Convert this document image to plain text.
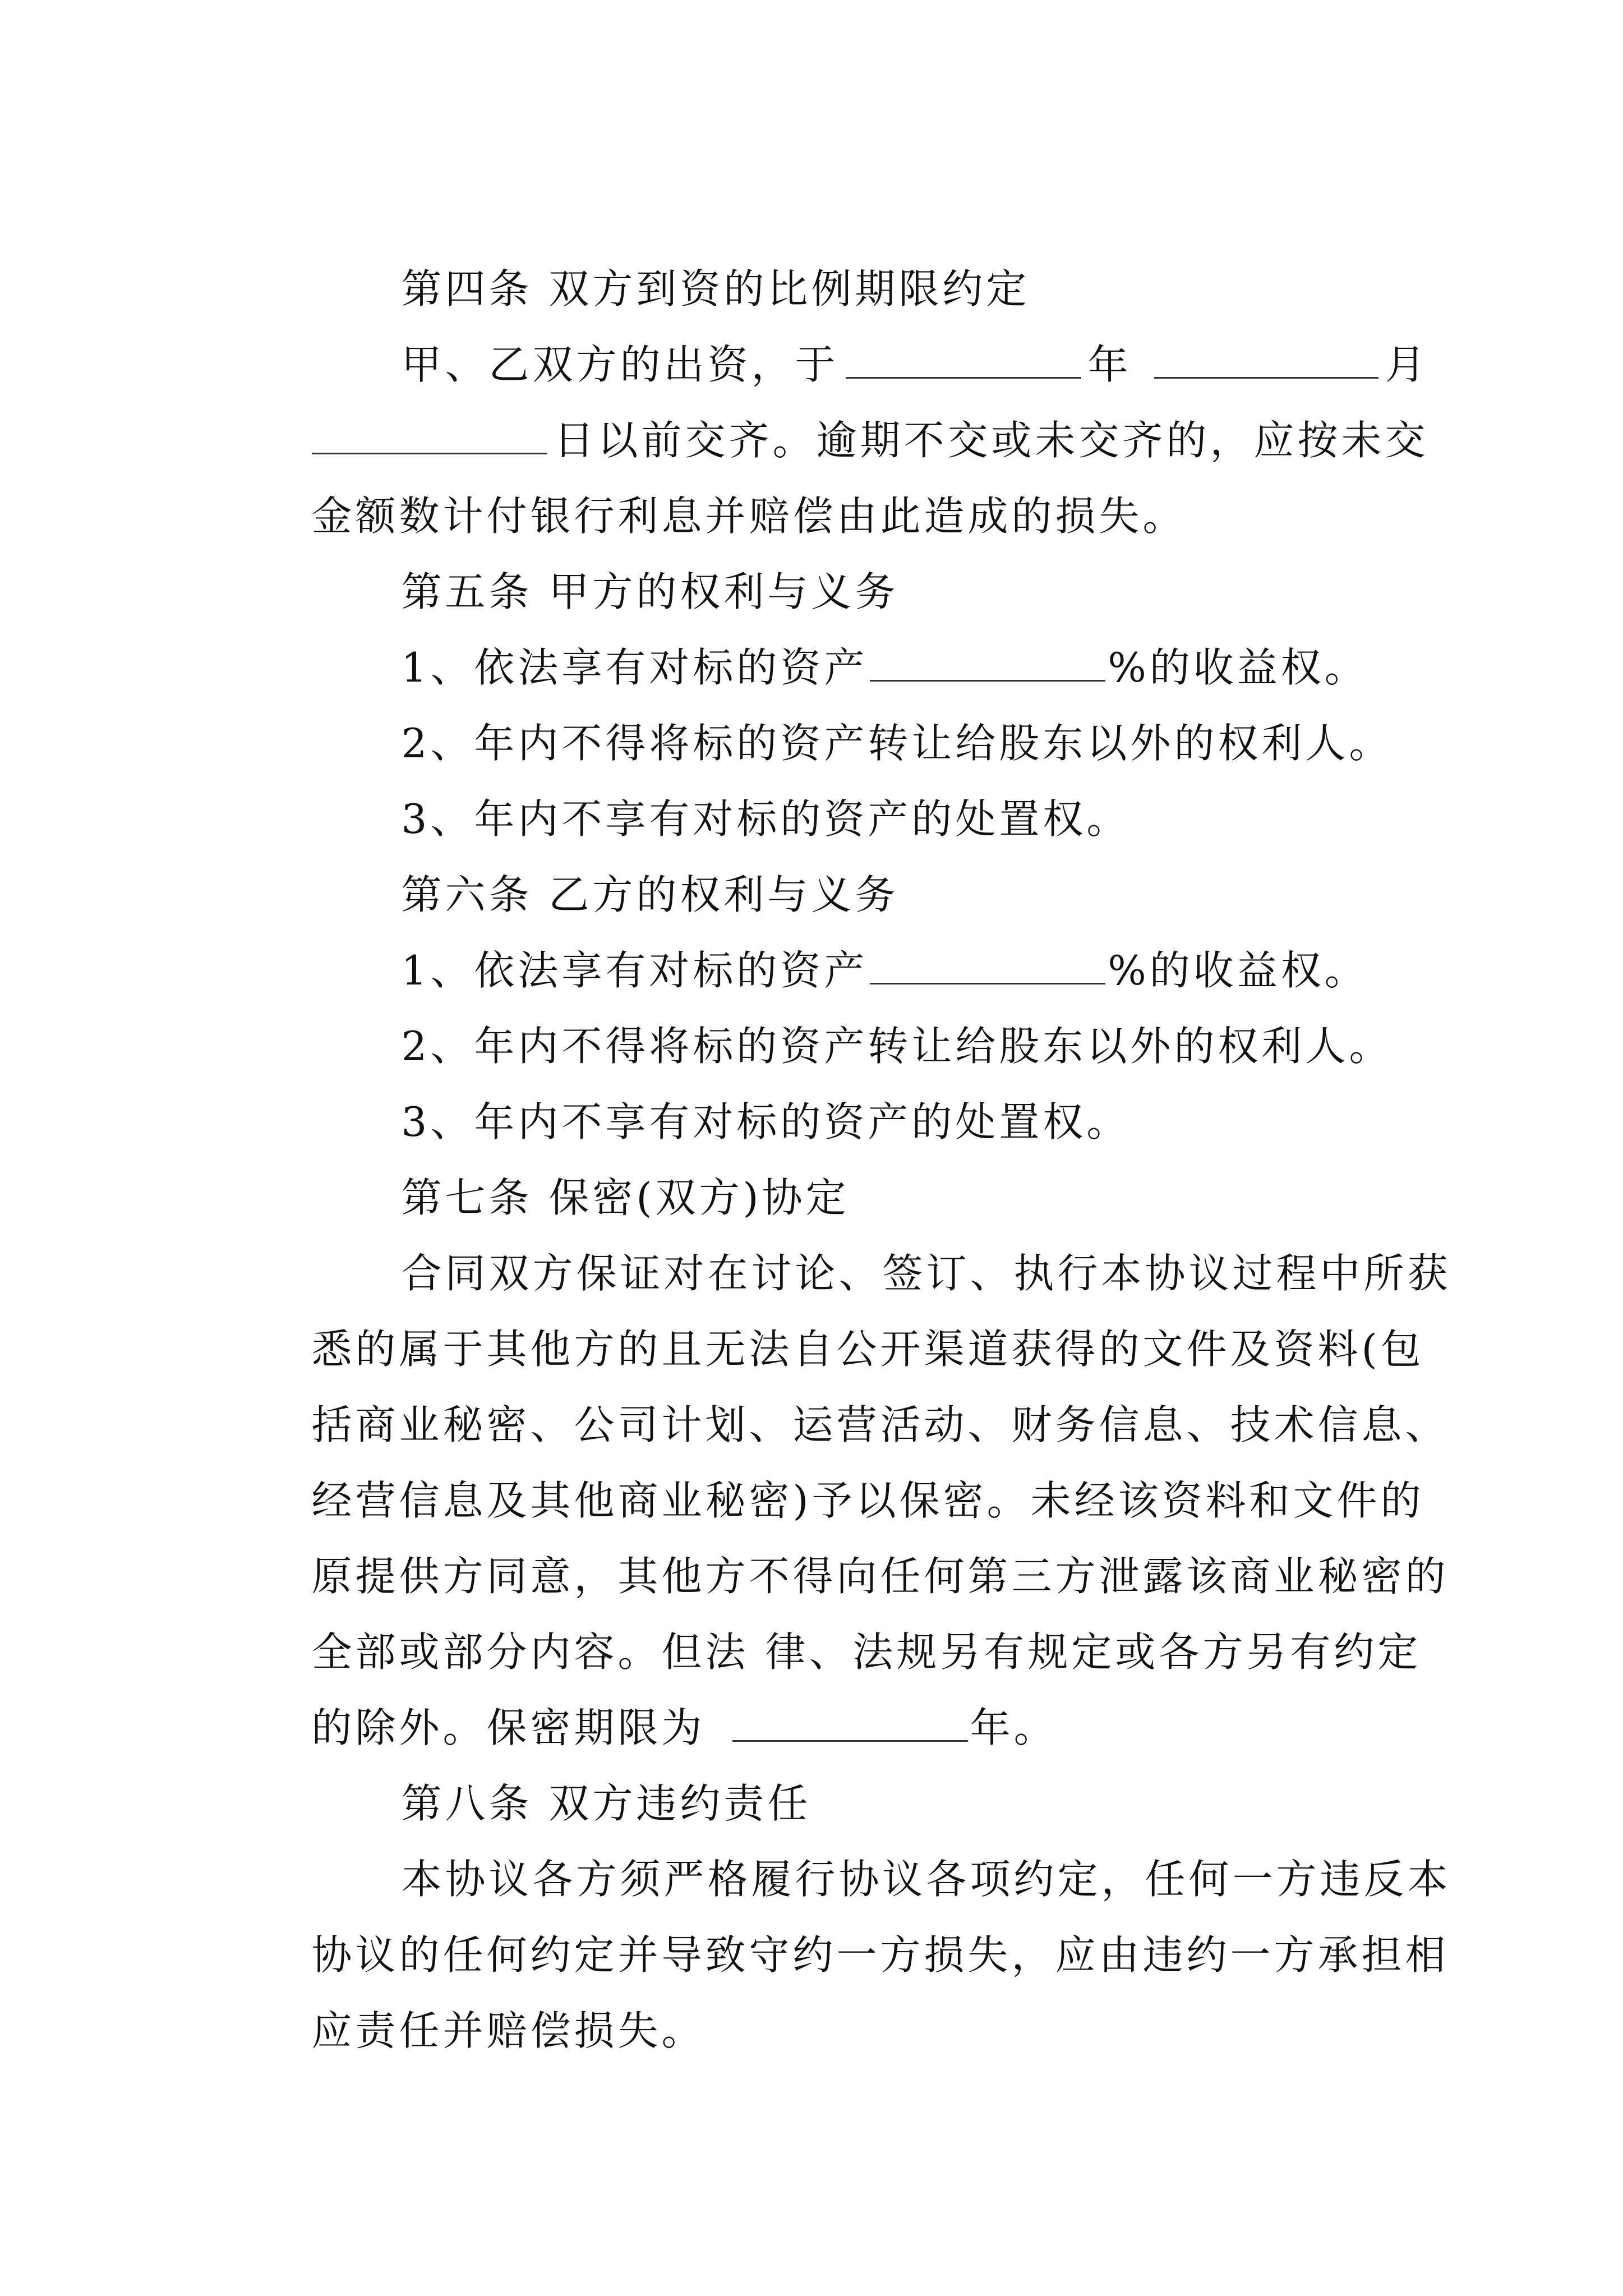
第四条 双方到资的比例期限约定

甲、乙双方的出资，于	年	月

日以前交齐。逾期不交或未交齐的，应按未交

金额数计付银行利息并赔偿由此造成的损失。

第五条 甲方的权利与义务

1、依法享有对标的资产	%的收益权。

2、年内不得将标的资产转让给股东以外的权利人。

3、年内不享有对标的资产的处置权。

第六条 乙方的权利与义务

1、依法享有对标的资产	%的收益权。

2、年内不得将标的资产转让给股东以外的权利人。

3、年内不享有对标的资产的处置权。

第七条 保密(双方)协定

合同双方保证对在讨论、签订、执行本协议过程中所获

悉的属于其他方的且无法自公开渠道获得的文件及资料(包

括商业秘密、公司计划、运营活动、财务信息、技术信息、

经营信息及其他商业秘密)予以保密。未经该资料和文件的

原提供方同意，其他方不得向任何第三方泄露该商业秘密的

全部或部分内容。但法 律、法规另有规定或各方另有约定

的除外。保密期限为	年。

第八条 双方违约责任

本协议各方须严格履行协议各项约定，任何一方违反本

协议的任何约定并导致守约一方损失，应由违约一方承担相

应责任并赔偿损失。
